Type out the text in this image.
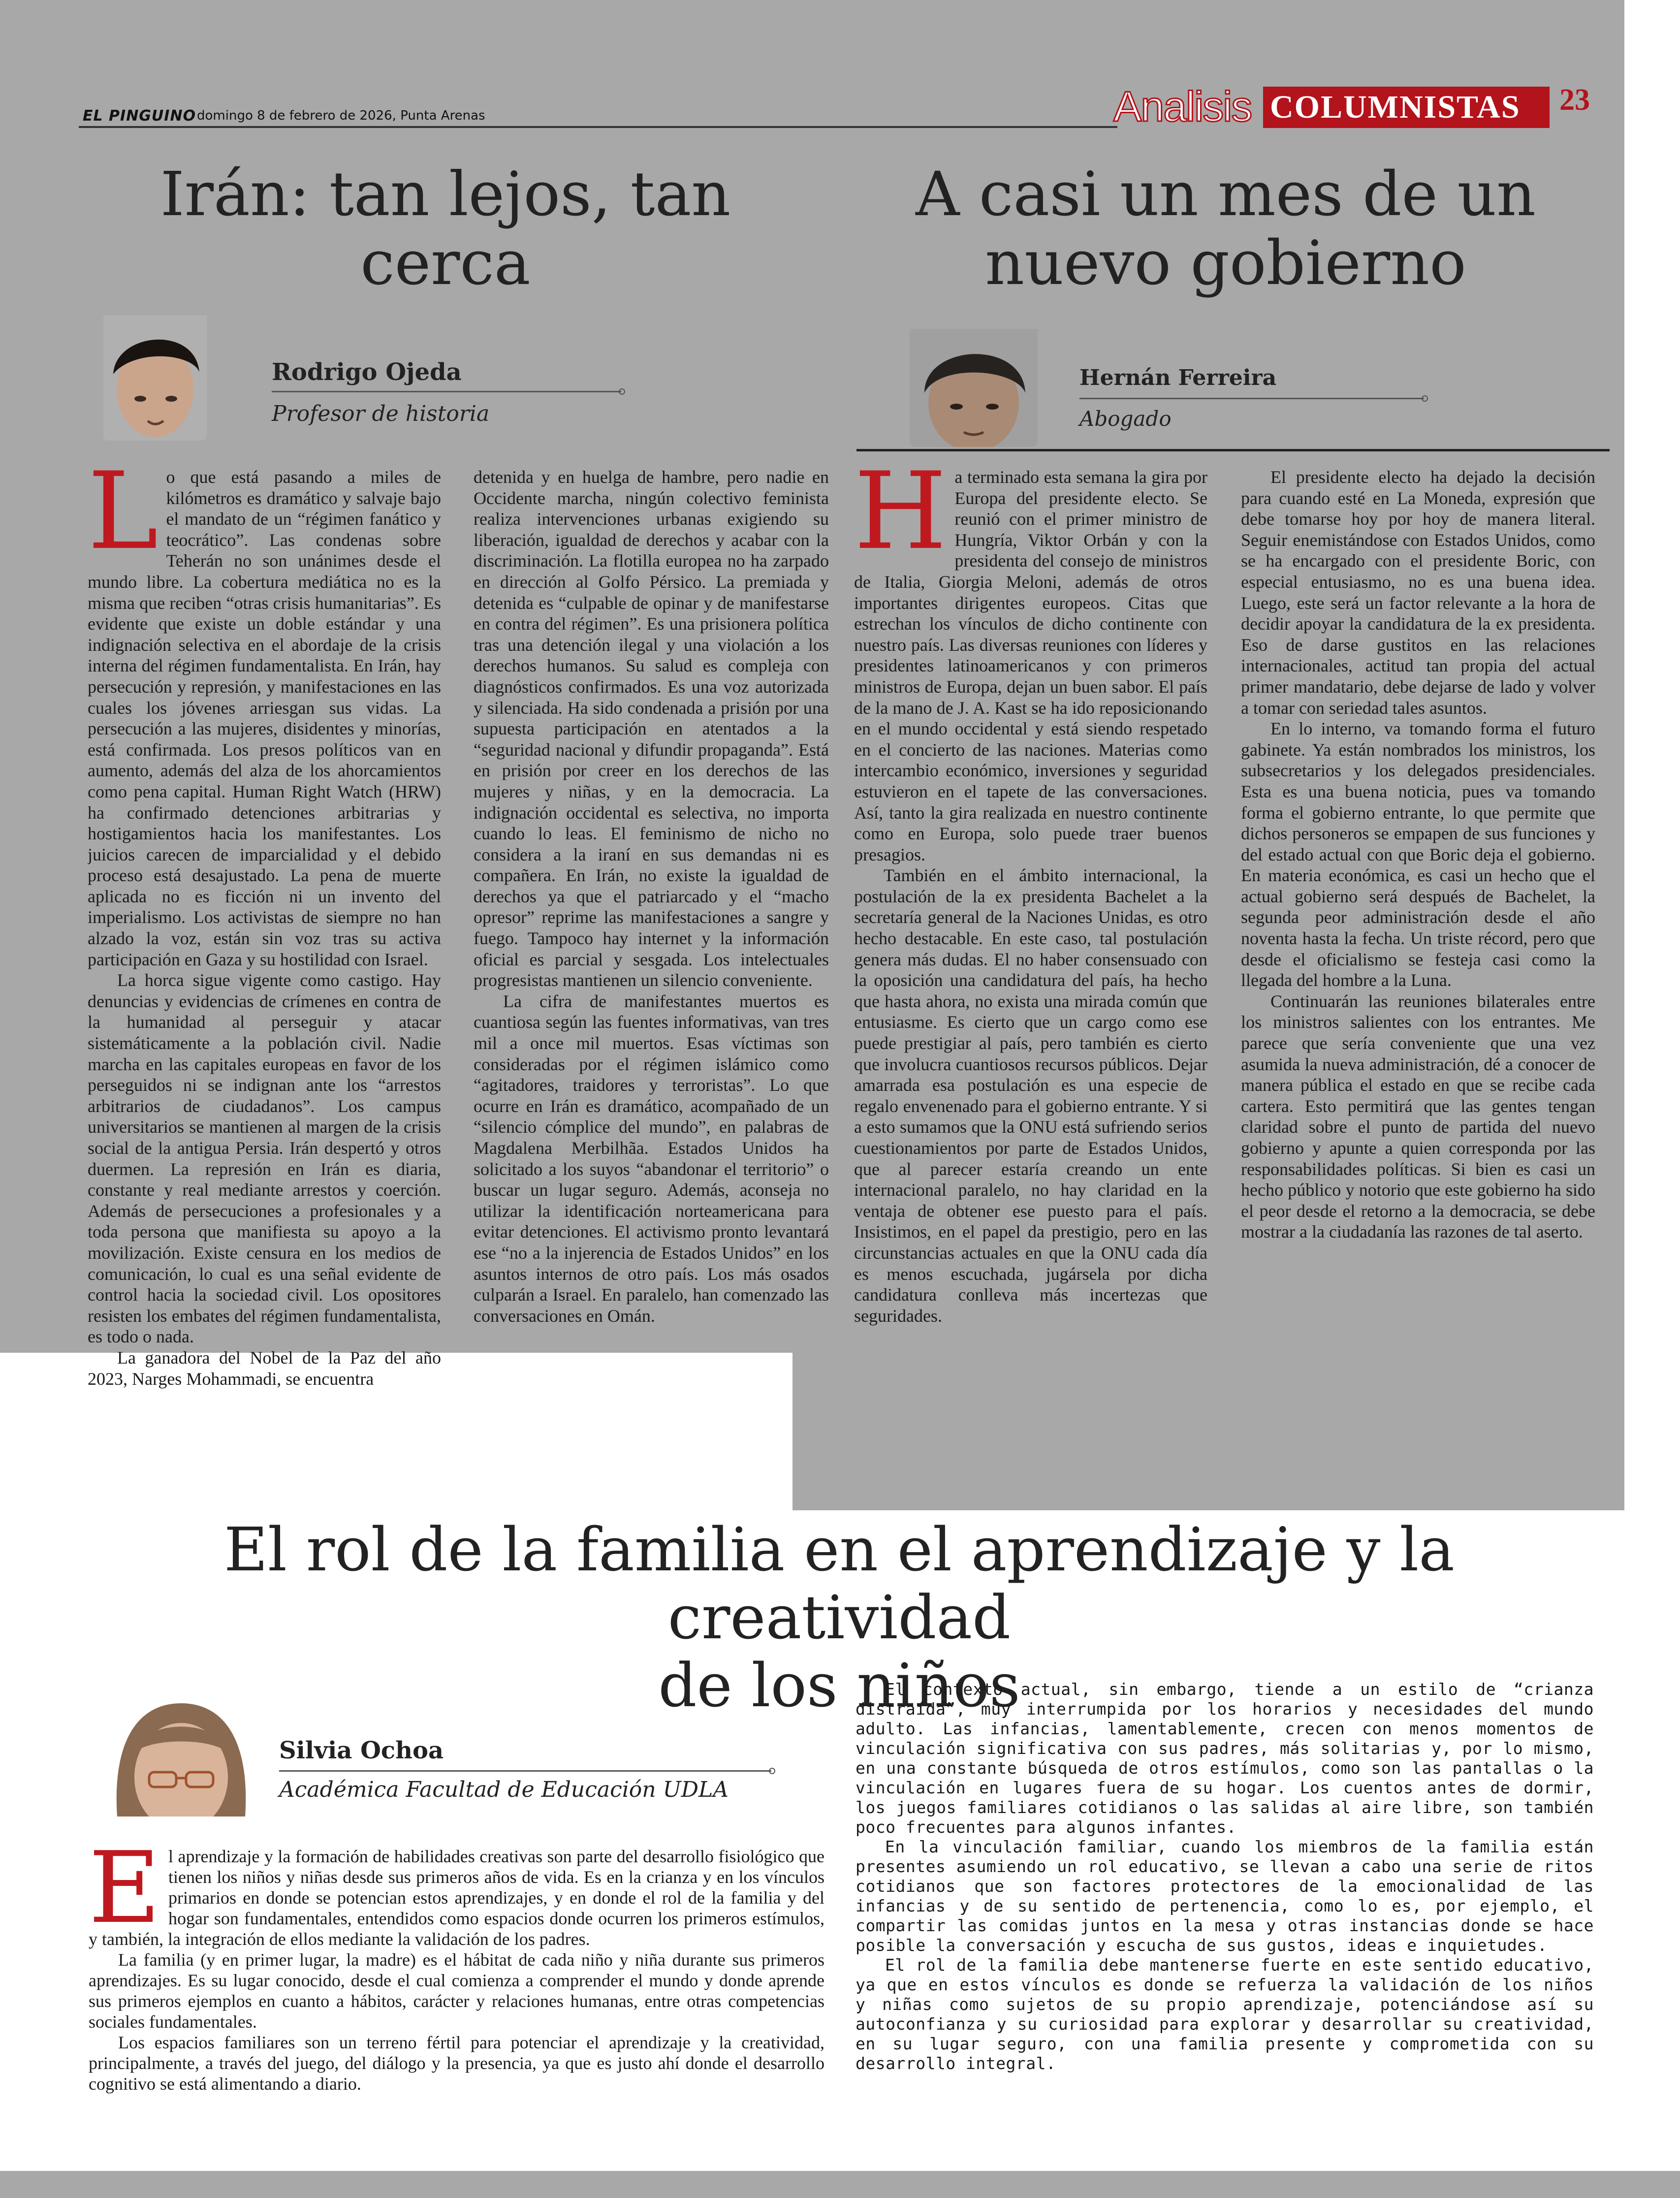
EL PINGUINO domingo 8 de febrero de 2026, Punta Arenas	Analisis COLUMNISTAS 23
Irán: tan lejos, tan cerca
Rodrigo Ojeda
Profesor de historia
L o que está pasando a miles de kilómetros es dramático y salvaje bajo el mandato de un “régimen fanático y teocrático”. Las condenas sobre Teherán no son unánimes desde el mundo libre. La cobertura mediática no es la misma que reciben “otras crisis humanitarias”. Es evidente que existe un doble estándar y una indignación selectiva en el abordaje de la crisis interna del régimen fundamentalista. En Irán, hay persecución y represión, y manifestaciones en las cuales los jóvenes arriesgan sus vidas. La persecución a las mujeres, disidentes y minorías, está confirmada. Los presos políticos van en aumento, además del alza de los ahorcamientos como pena capital. Human Right Watch (HRW) ha confirmado detenciones arbitrarias y hostigamientos hacia los manifestantes. Los juicios carecen de imparcialidad y el debido proceso está desajustado. La pena de muerte aplicada no es ficción ni un invento del imperialismo. Los activistas de siempre no han alzado la voz, están sin voz tras su activa participación en Gaza y su hostilidad con Israel.

La horca sigue vigente como castigo. Hay denuncias y evidencias de crímenes en contra de la humanidad al perseguir y atacar sistemáticamente a la población civil. Nadie marcha en las capitales europeas en favor de los perseguidos ni se indignan ante los “arrestos arbitrarios de ciudadanos”. Los campus universitarios se mantienen al margen de la crisis social de la antigua Persia. Irán despertó y otros duermen. La represión en Irán es diaria, constante y real mediante arrestos y coerción. Además de persecuciones a profesionales y a toda persona que manifiesta su apoyo a la movilización. Existe censura en los medios de comunicación, lo cual es una señal evidente de control hacia la sociedad civil. Los opositores resisten los embates del régimen fundamentalista, es todo o nada.

La ganadora del Nobel de la Paz del año 2023, Narges Mohammadi, se encuentra

detenida y en huelga de hambre, pero nadie en Occidente marcha, ningún colectivo feminista realiza intervenciones urbanas exigiendo su liberación, igualdad de derechos y acabar con la discriminación. La flotilla europea no ha zarpado en dirección al Golfo Pérsico. La premiada y detenida es “culpable de opinar y de manifestarse en contra del régimen”. Es una prisionera política tras una detención ilegal y una violación a los derechos humanos. Su salud es compleja con diagnósticos confirmados. Es una voz autorizada y silenciada. Ha sido condenada a prisión por una supuesta participación en atentados a la “seguridad nacional y difundir propaganda”. Está en prisión por creer en los derechos de las mujeres y niñas, y en la democracia. La indignación occidental es selectiva, no importa cuando lo leas. El feminismo de nicho no considera a la iraní en sus demandas ni es compañera. En Irán, no existe la igualdad de derechos ya que el patriarcado y el “macho opresor” reprime las manifestaciones a sangre y fuego. Tampoco hay internet y la información oficial es parcial y sesgada. Los intelectuales progresistas mantienen un silencio conveniente.

La cifra de manifestantes muertos es cuantiosa según las fuentes informativas, van tres mil a once mil muertos. Esas víctimas son consideradas por el régimen islámico como “agitadores, traidores y terroristas”. Lo que ocurre en Irán es dramático, acompañado de un “silencio cómplice del mundo”, en palabras de Magdalena Merbilhãa. Estados Unidos ha solicitado a los suyos “abandonar el territorio” o buscar un lugar seguro. Además, aconseja no utilizar la identificación norteamericana para evitar detenciones. El activismo pronto levantará ese “no a la injerencia de Estados Unidos” en los asuntos internos de otro país. Los más osados culparán a Israel. En paralelo, han comenzado las conversaciones en Omán.

A casi un mes de un
nuevo gobierno
Hernán Ferreira
Abogado
H a terminado esta semana la gira por Europa del presidente electo. Se reunió con el primer ministro de Hungría, Viktor Orbán y con la presidenta del consejo de ministros de Italia, Giorgia Meloni, además de otros importantes dirigentes europeos. Citas que estrechan los vínculos de dicho continente con nuestro país. Las diversas reuniones con líderes y presidentes latinoamericanos y con primeros ministros de Europa, dejan un buen sabor. El país de la mano de J. A. Kast se ha ido reposicionando en el mundo occidental y está siendo respetado en el concierto de las naciones. Materias como intercambio económico, inversiones y seguridad estuvieron en el tapete de las conversaciones. Así, tanto la gira realizada en nuestro continente como en Europa, solo puede traer buenos presagios.

También en el ámbito internacional, la postulación de la ex presidenta Bachelet a la secretaría general de la Naciones Unidas, es otro hecho destacable. En este caso, tal postulación genera más dudas. El no haber consensuado con la oposición una candidatura del país, ha hecho que hasta ahora, no exista una mirada común que entusiasme. Es cierto que un cargo como ese puede prestigiar al país, pero también es cierto que involucra cuantiosos recursos públicos. Dejar amarrada esa postulación es una especie de regalo envenenado para el gobierno entrante. Y si a esto sumamos que la ONU está sufriendo serios cuestionamientos por parte de Estados Unidos, que al parecer estaría creando un ente internacional paralelo, no hay claridad en la ventaja de obtener ese puesto para el país. Insistimos, en el papel da prestigio, pero en las circunstancias actuales en que la ONU cada día es menos escuchada, jugársela por dicha candidatura conlleva más incertezas que seguridades.

El presidente electo ha dejado la decisión para cuando esté en La Moneda, expresión que debe tomarse hoy por hoy de manera literal. Seguir enemistándose con Estados Unidos, como se ha encargado con el presidente Boric, con especial entusiasmo, no es una buena idea. Luego, este será un factor relevante a la hora de decidir apoyar la candidatura de la ex presidenta. Eso de darse gustitos en las relaciones internacionales, actitud tan propia del actual primer mandatario, debe dejarse de lado y volver a tomar con seriedad tales asuntos.

En lo interno, va tomando forma el futuro gabinete. Ya están nombrados los ministros, los subsecretarios y los delegados presidenciales. Esta es una buena noticia, pues va tomando forma el gobierno entrante, lo que permite que dichos personeros se empapen de sus funciones y del estado actual con que Boric deja el gobierno. En materia económica, es casi un hecho que el actual gobierno será después de Bachelet, la segunda peor administración desde el año noventa hasta la fecha. Un triste récord, pero que desde el oficialismo se festeja casi como la llegada del hombre a la Luna.

Continuarán las reuniones bilaterales entre los ministros salientes con los entrantes. Me parece que sería conveniente que una vez asumida la nueva administración, dé a conocer de manera pública el estado en que se recibe cada cartera. Esto permitirá que las gentes tengan claridad sobre el punto de partida del nuevo gobierno y apunte a quien corresponda por las responsabilidades políticas. Si bien es casi un hecho público y notorio que este gobierno ha sido el peor desde el retorno a la democracia, se debe mostrar a la ciudadanía las razones de tal aserto.

El rol de la familia en el aprendizaje y la creatividad
de los niños
Silvia Ochoa
Académica Facultad de Educación UDLA
E l aprendizaje y la formación de habilidades creativas son parte del desarrollo fisiológico que tienen los niños y niñas desde sus primeros años de vida. Es en la crianza y en los vínculos primarios en donde se potencian estos aprendizajes, y en donde el rol de la familia y del hogar son fundamentales, entendidos como espacios donde ocurren los primeros estímulos, y también, la integración de ellos mediante la validación de los padres.

La familia (y en primer lugar, la madre) es el hábitat de cada niño y niña durante sus primeros aprendizajes. Es su lugar conocido, desde el cual comienza a comprender el mundo y donde aprende sus primeros ejemplos en cuanto a hábitos, carácter y relaciones humanas, entre otras competencias sociales fundamentales.

Los espacios familiares son un terreno fértil para potenciar el aprendizaje y la creatividad, principalmente, a través del juego, del diálogo y la presencia, ya que es justo ahí donde el desarrollo cognitivo se está alimentando a diario.

El contexto actual, sin embargo, tiende a un estilo de “crianza distraída”, muy interrumpida por los horarios y necesidades del mundo adulto. Las infancias, lamentablemente, crecen con menos momentos de vinculación significativa con sus padres, más solitarias y, por lo mismo, en una constante búsqueda de otros estímulos, como son las pantallas o la vinculación en lugares fuera de su hogar. Los cuentos antes de dormir, los juegos familiares cotidianos o las salidas al aire libre, son también poco frecuentes para algunos infantes.

En la vinculación familiar, cuando los miembros de la familia están presentes asumiendo un rol educativo, se llevan a cabo una serie de ritos cotidianos que son factores protectores de la emocionalidad de las infancias y de su sentido de pertenencia, como lo es, por ejemplo, el compartir las comidas juntos en la mesa y otras instancias donde se hace posible la conversación y escucha de sus gustos, ideas e inquietudes.

El rol de la familia debe mantenerse fuerte en este sentido educativo, ya que en estos vínculos es donde se refuerza la validación de los niños y niñas como sujetos de su propio aprendizaje, potenciándose así su autoconfianza y su curiosidad para explorar y desarrollar su creatividad, en su lugar seguro, con una familia presente y comprometida con su desarrollo integral.
